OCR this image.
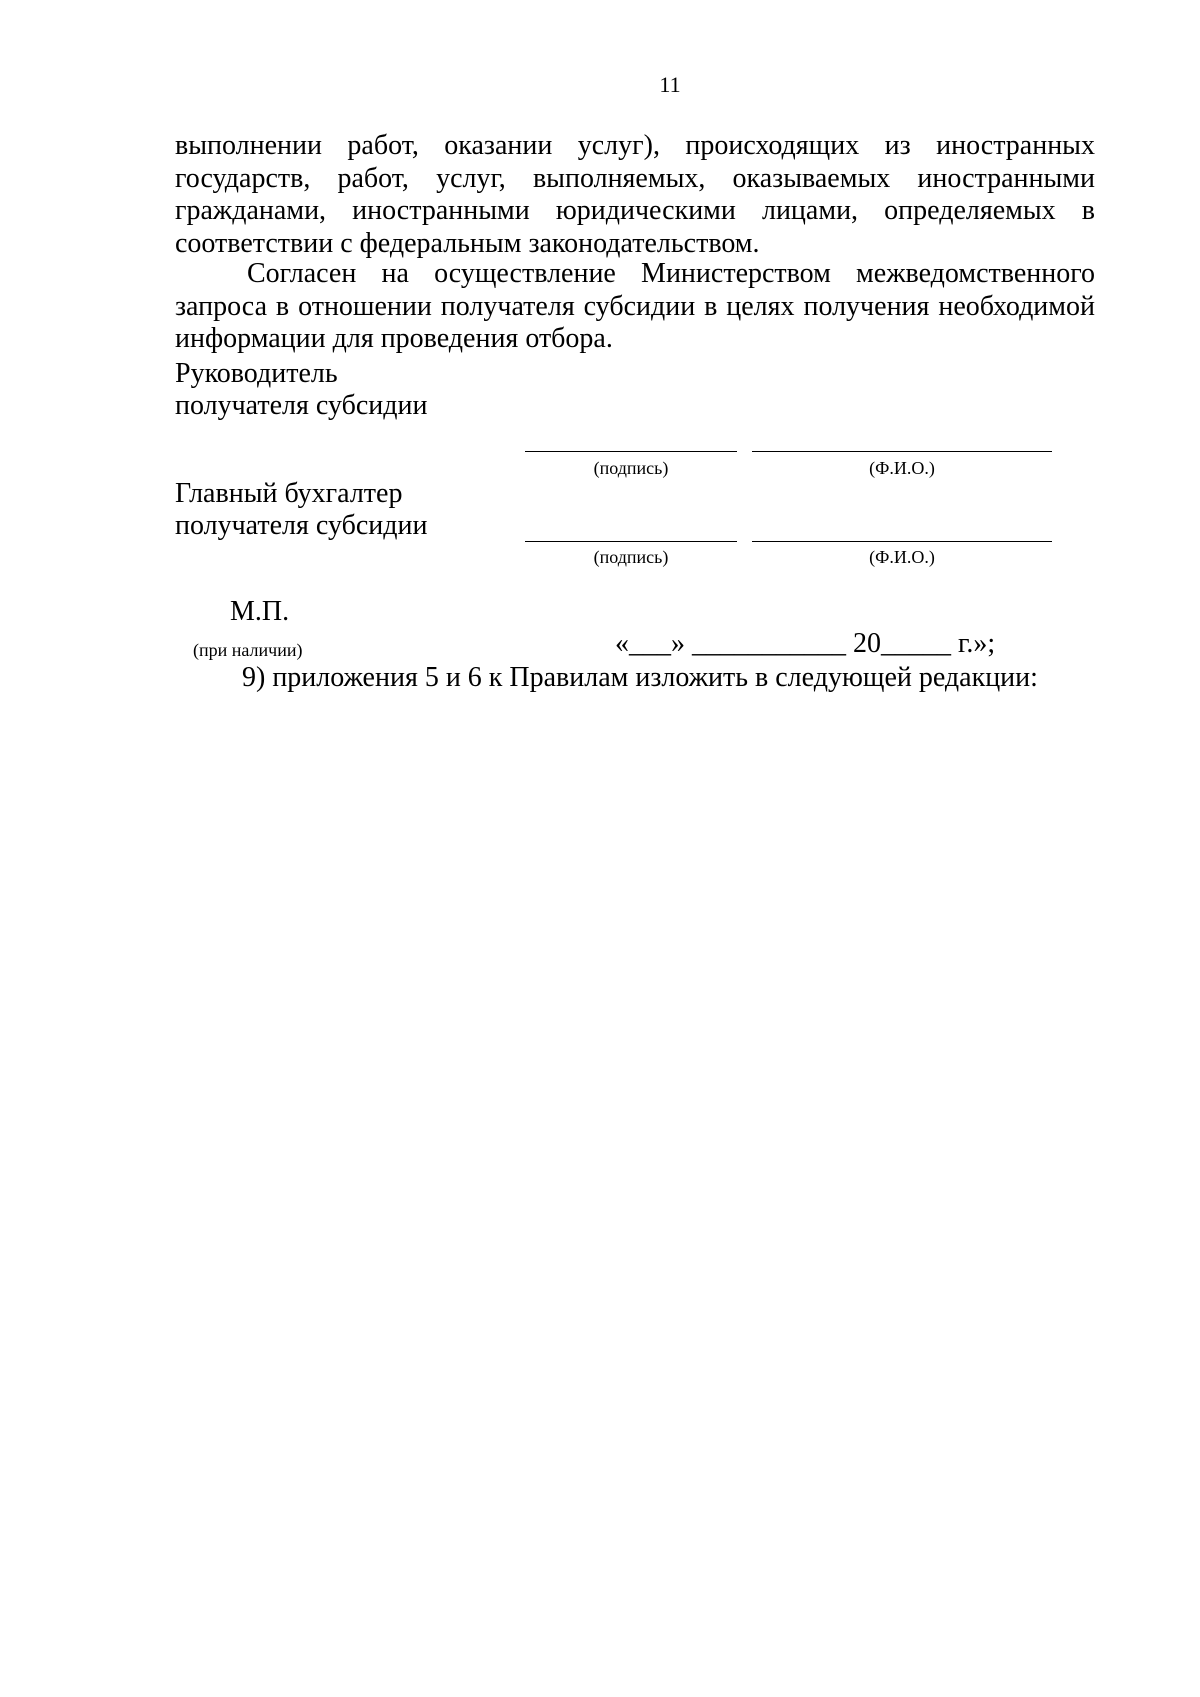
11
выполнении работ, оказании услуг), происходящих из иностранных государств, работ, услуг, выполняемых, оказываемых иностранными гражданами, иностранными юридическими лицами, определяемых в соответствии с федеральным законодательством.
Согласен на осуществление Министерством межведомственного запроса в отношении получателя субсидии в целях получения необходимой информации для проведения отбора.
Руководитель
получателя субсидии
(подпись)	(Ф.И.О.)
Главный бухгалтер
получателя субсидии
(подпись)	(Ф.И.О.)
М.П.
(при наличии)	«___» ___________ 20_____ г.»;
9) приложения 5 и 6 к Правилам изложить в следующей редакции:
